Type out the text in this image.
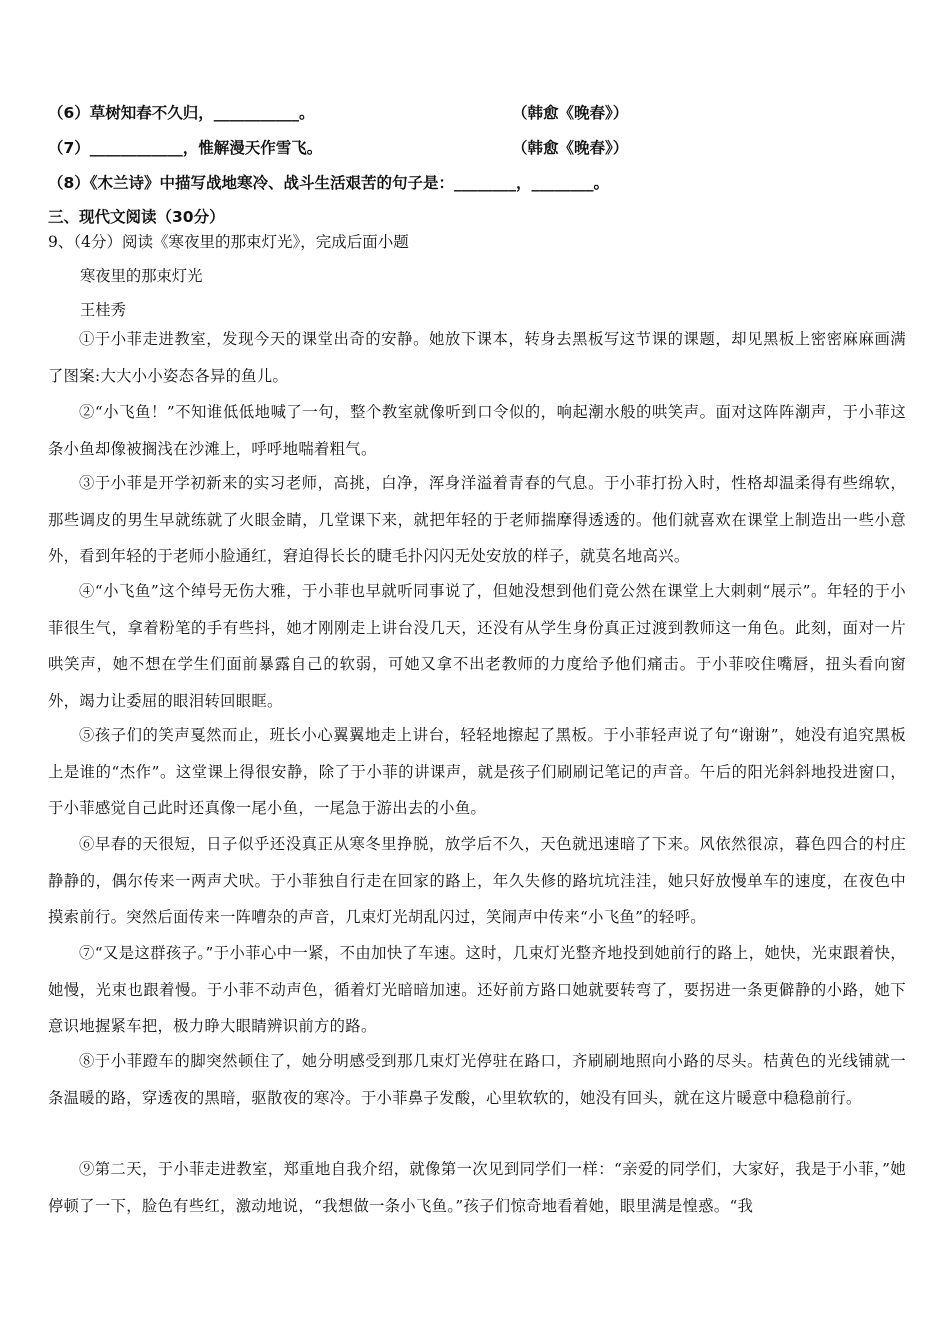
（6）草树知春不久归，___________。	（韩愈《晚春》）
（7）____________，惟解漫天作雪飞。	（韩愈《晚春》）
（8）《木兰诗》中描写战地寒冷、战斗生活艰苦的句子是：________，________。
三、现代文阅读（30分）
9、（4分）阅读《寒夜里的那束灯光》，完成后面小题
寒夜里的那束灯光
王桂秀
①于小菲走进教室，发现今天的课堂出奇的安静。她放下课本，转身去黑板写这节课的课题，却见黑板上密密麻麻画满了图案:大大小小姿态各异的鱼儿。
②“小飞鱼！”不知谁低低地喊了一句，整个教室就像听到口令似的，响起潮水般的哄笑声。面对这阵阵潮声，于小菲这条小鱼却像被搁浅在沙滩上，呼呼地喘着粗气。
③于小菲是开学初新来的实习老师，高挑，白净，浑身洋溢着青春的气息。于小菲打扮入时，性格却温柔得有些绵软，那些调皮的男生早就练就了火眼金睛，几堂课下来，就把年轻的于老师揣摩得透透的。他们就喜欢在课堂上制造出一些小意外，看到年轻的于老师小脸通红，窘迫得长长的睫毛扑闪闪无处安放的样子，就莫名地高兴。
④“小飞鱼”这个绰号无伤大雅，于小菲也早就听同事说了，但她没想到他们竟公然在课堂上大刺刺“展示”。年轻的于小菲很生气，拿着粉笔的手有些抖，她才刚刚走上讲台没几天，还没有从学生身份真正过渡到教师这一角色。此刻，面对一片哄笑声，她不想在学生们面前暴露自己的软弱，可她又拿不出老教师的力度给予他们痛击。于小菲咬住嘴唇，扭头看向窗外，竭力让委屈的眼泪转回眼眶。
⑤孩子们的笑声戛然而止，班长小心翼翼地走上讲台，轻轻地擦起了黑板。于小菲轻声说了句“谢谢”，她没有追究黑板上是谁的“杰作”。这堂课上得很安静，除了于小菲的讲课声，就是孩子们刷刷记笔记的声音。午后的阳光斜斜地投进窗口，于小菲感觉自己此时还真像一尾小鱼，一尾急于游出去的小鱼。
⑥早春的天很短，日子似乎还没真正从寒冬里挣脱，放学后不久，天色就迅速暗了下来。风依然很凉，暮色四合的村庄静静的，偶尔传来一两声犬吠。于小菲独自行走在回家的路上，年久失修的路坑坑洼洼，她只好放慢单车的速度，在夜色中摸索前行。突然后面传来一阵嘈杂的声音，几束灯光胡乱闪过，笑闹声中传来“小飞鱼”的轻呼。
⑦“又是这群孩子。”于小菲心中一紧，不由加快了车速。这时，几束灯光整齐地投到她前行的路上，她快，光束跟着快，她慢，光束也跟着慢。于小菲不动声色，循着灯光暗暗加速。还好前方路口她就要转弯了，要拐进一条更僻静的小路，她下意识地握紧车把，极力睁大眼睛辨识前方的路。
⑧于小菲蹬车的脚突然顿住了，她分明感受到那几束灯光停驻在路口，齐刷刷地照向小路的尽头。桔黄色的光线铺就一条温暖的路，穿透夜的黑暗，驱散夜的寒冷。于小菲鼻子发酸，心里软软的，她没有回头，就在这片暖意中稳稳前行。
⑨第二天，于小菲走进教室，郑重地自我介绍，就像第一次见到同学们一样：“亲爱的同学们，大家好，我是于小菲，”她停顿了一下，脸色有些红，激动地说，“我想做一条小飞鱼。”孩子们惊奇地看着她，眼里满是惶惑。“我
